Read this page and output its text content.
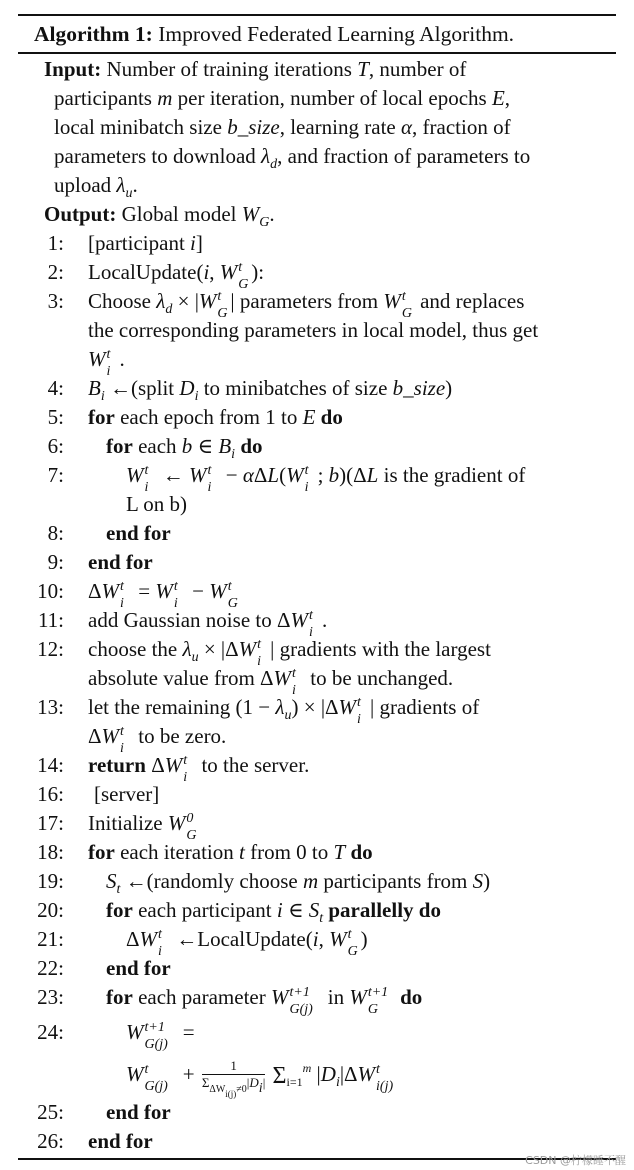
Algorithm 1: Improved Federated Learning Algorithm.
Input: Number of training iterations T, number of
participants m per iteration, number of local epochs E,
local minibatch size b_size, learning rate α, fraction of
parameters to download $\lambda_d$, and fraction of parameters to
upload $\lambda_u$.
Output: Global model $W_G$.
1:
2:
3:
4:
5:
6:
7:
8:
9:
10:
11:
12:
13:
14:
16:
17:
18:
19:
20:
21:
22:
23:
24:
25:
26:
[participant i]
LocalUpdate(i, W t
G
):
Choose $\lambda_d \times |W$ t
G
| parameters from W t
G
and replaces
the corresponding parameters in local model, thus get
W t
i
.
$B_i$ ←(split $D_i$ to minibatches of size b_size)
for each epoch from 1 to E do
for each b ∈ $B_i$ do
W t
i
← W t
i
− αΔL(W t
i
; b)(ΔL is the gradient of
L on b)
end for
end for
ΔW t
i
= W t
i
− W t
G
add Gaussian noise to ΔW t
i
.
choose the $\lambda_u \times |\Delta W$ t
i
| gradients with the largest
absolute value from ΔW t
i
to be unchanged.
let the remaining $(1 - \lambda_u) \times |\Delta W$ t
i
| gradients of
ΔW t
i
to be zero.
return ΔW t
i
to the server.
[server]
Initialize W 0
G
for each iteration t from 0 to T do
$S_t$ ←(randomly choose m participants from S)
for each participant i ∈ $S_t$ parallelly do
ΔW t
i
←LocalUpdate(i, W t
G
)
end for
for each parameter W t+1
G(j)
in W t+1
G
do
W t+1
G(j)
=
W t
G(j)
+ $\frac{1}{\Sigma_{\Delta W_{i(j)}\ne 0}|D_i|} \Sigma_{i=1}^m$ $|D_i|\Delta W$ t
i(j)
end for
end for
CSDN @柠檬睡不醒
